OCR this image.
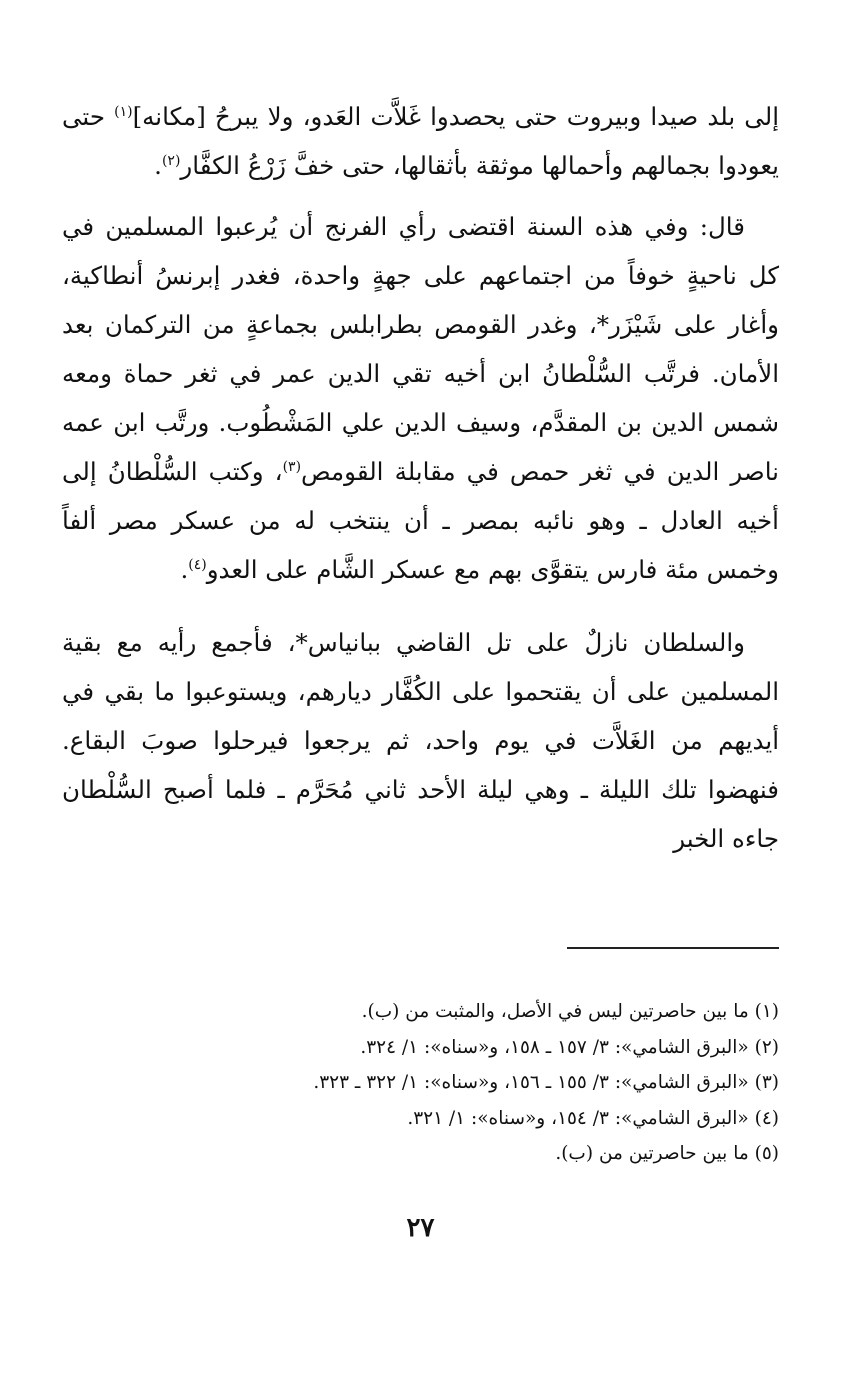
إلى بلد صيدا وبيروت حتى يحصدوا غَلاَّت العَدو، ولا يبرحُ [مكانه]$^{(١)}$ حتى يعودوا بجمالهم وأحمالها موثقة بأثقالها، حتى خفَّ زَرْعُ الكفَّار$^{(٢)}$.

قال: وفي هذه السنة اقتضى رأي الفرنج أن يُرعبوا المسلمين في كل ناحيةٍ خوفاً من اجتماعهم على جهةٍ واحدة، فغدر إبرنسُ أنطاكية، وأغار على شَيْزَر*، وغدر القومص بطرابلس بجماعةٍ من التركمان بعد الأمان. فرتَّب السُّلْطانُ ابن أخيه تقي الدين عمر في ثغر حماة ومعه شمس الدين بن المقدَّم، وسيف الدين علي المَشْطُوب. ورتَّب ابن عمه ناصر الدين في ثغر حمص في مقابلة القومص$^{(٣)}$، وكتب السُّلْطانُ إلى أخيه العادل ـ وهو نائبه بمصر ـ أن ينتخب له من عسكر مصر ألفاً وخمس مئة فارس يتقوَّى بهم مع عسكر الشَّام على العدو$^{(٤)}$.

والسلطان نازلٌ على تل القاضي ببانياس*، فأجمع رأيه مع بقية المسلمين على أن يقتحموا على الكُفَّار ديارهم، ويستوعبوا ما بقي في أيديهم من الغَلاَّت في يوم واحد، ثم يرجعوا فيرحلوا صوبَ البقاع. فنهضوا تلك الليلة ـ وهي ليلة الأحد ثاني مُحَرَّم ـ فلما أصبح السُّلْطان جاءه الخبر

(١) ما بين حاصرتين ليس في الأصل، والمثبت من (ب).
(٢) «البرق الشامي»: ٣/ ١٥٧ ـ ١٥٨، و«سناه»: ١/ ٣٢٤.
(٣) «البرق الشامي»: ٣/ ١٥٥ ـ ١٥٦، و«سناه»: ١/ ٣٢٢ ـ ٣٢٣.
(٤) «البرق الشامي»: ٣/ ١٥٤، و«سناه»: ١/ ٣٢١.
(٥) ما بين حاصرتين من (ب).
٢٧
